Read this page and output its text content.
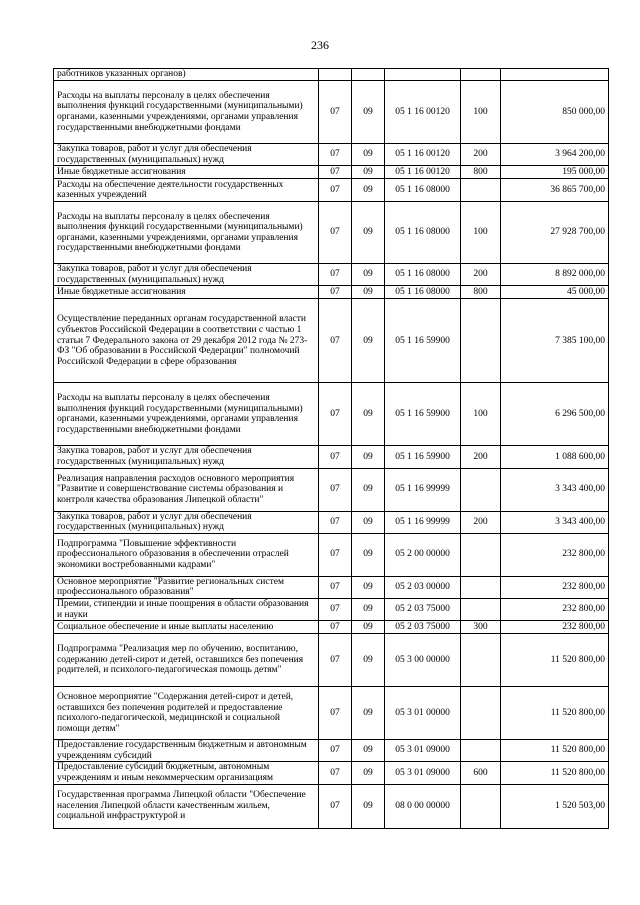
236
работников указанных органов)					
Расходы на выплаты персоналу в целях обеспечения выполнения функций государственными (муниципальными) органами, казенными учреждениями, органами управления государственными внебюджетными фондами	07	09	05 1 16 00120	100	850 000,00
Закупка товаров, работ и услуг для обеспечения государственных (муниципальных) нужд	07	09	05 1 16 00120	200	3 964 200,00
Иные бюджетные ассигнования	07	09	05 1 16 00120	800	195 000,00
Расходы на обеспечение деятельности государственных казенных учреждений	07	09	05 1 16 08000		36 865 700,00
Расходы на выплаты персоналу в целях обеспечения выполнения функций государственными (муниципальными) органами, казенными учреждениями, органами управления государственными внебюджетными фондами	07	09	05 1 16 08000	100	27 928 700,00
Закупка товаров, работ и услуг для обеспечения государственных (муниципальных) нужд	07	09	05 1 16 08000	200	8 892 000,00
Иные бюджетные ассигнования	07	09	05 1 16 08000	800	45 000,00
Осуществление переданных органам государственной власти субъектов Российской Федерации в соответствии с частью 1 статьи 7 Федерального закона от 29 декабря 2012 года № 273-ФЗ "Об образовании в Российской Федерации" полномочий Российской Федерации в сфере образования	07	09	05 1 16 59900		7 385 100,00
Расходы на выплаты персоналу в целях обеспечения выполнения функций государственными (муниципальными) органами, казенными учреждениями, органами управления государственными внебюджетными фондами	07	09	05 1 16 59900	100	6 296 500,00
Закупка товаров, работ и услуг для обеспечения государственных (муниципальных) нужд	07	09	05 1 16 59900	200	1 088 600,00
Реализация направления расходов основного мероприятия "Развитие и совершенствование системы образования и контроля качества образования Липецкой области"	07	09	05 1 16 99999		3 343 400,00
Закупка товаров, работ и услуг для обеспечения государственных (муниципальных) нужд	07	09	05 1 16 99999	200	3 343 400,00
Подпрограмма "Повышение эффективности профессионального образования в обеспечении отраслей экономики востребованными кадрами"	07	09	05 2 00 00000		232 800,00
Основное мероприятие "Развитие региональных систем профессионального образования"	07	09	05 2 03 00000		232 800,00
Премии, стипендии и иные поощрения в области образования и науки	07	09	05 2 03 75000		232 800,00
Социальное обеспечение и иные выплаты населению	07	09	05 2 03 75000	300	232 800,00
Подпрограмма "Реализация мер по обучению, воспитанию, содержанию детей-сирот и детей, оставшихся без попечения родителей, и психолого-педагогическая помощь детям"	07	09	05 3 00 00000		11 520 800,00
Основное мероприятие "Содержания детей-сирот и детей, оставшихся без попечения родителей и предоставление психолого-педагогической, медицинской и социальной помощи детям"	07	09	05 3 01 00000		11 520 800,00
Предоставление государственным бюджетным и автономным учреждениям субсидий	07	09	05 3 01 09000		11 520 800,00
Предоставление субсидий бюджетным, автономным учреждениям и иным некоммерческим организациям	07	09	05 3 01 09000	600	11 520 800,00
Государственная программа Липецкой области "Обеспечение населения Липецкой области качественным жильем, социальной инфраструктурой и	07	09	08 0 00 00000		1 520 503,00
